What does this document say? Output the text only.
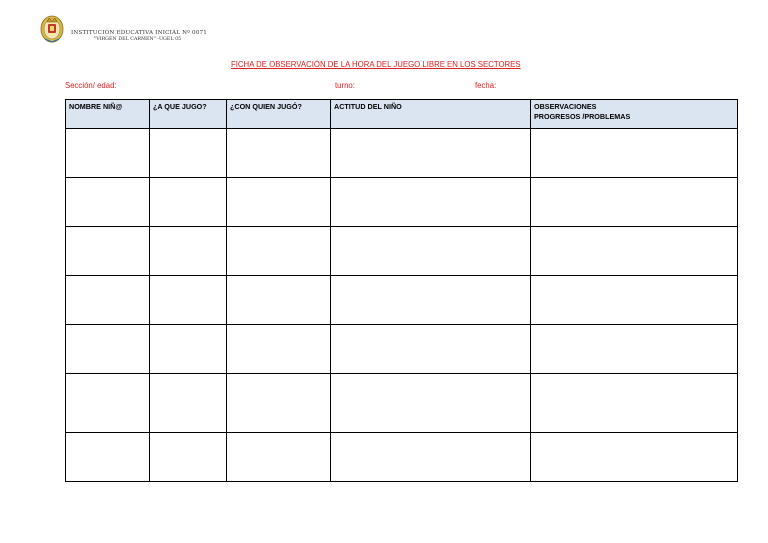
INSTITUCIÓN EDUCATIVA INICIAL Nº 0071
"VIRGEN DEL CARMEN" -UGEL 05
FICHA DE OBSERVACIÓN DE LA HORA DEL JUEGO LIBRE EN LOS SECTORES
Sección/ edad:	turno:	fecha:
NOMBRE NIÑ@	¿A QUE JUGO?	¿CON QUIEN JUGÓ?	ACTITUD DEL NIÑO	OBSERVACIONES
PROGRESOS /PROBLEMAS
